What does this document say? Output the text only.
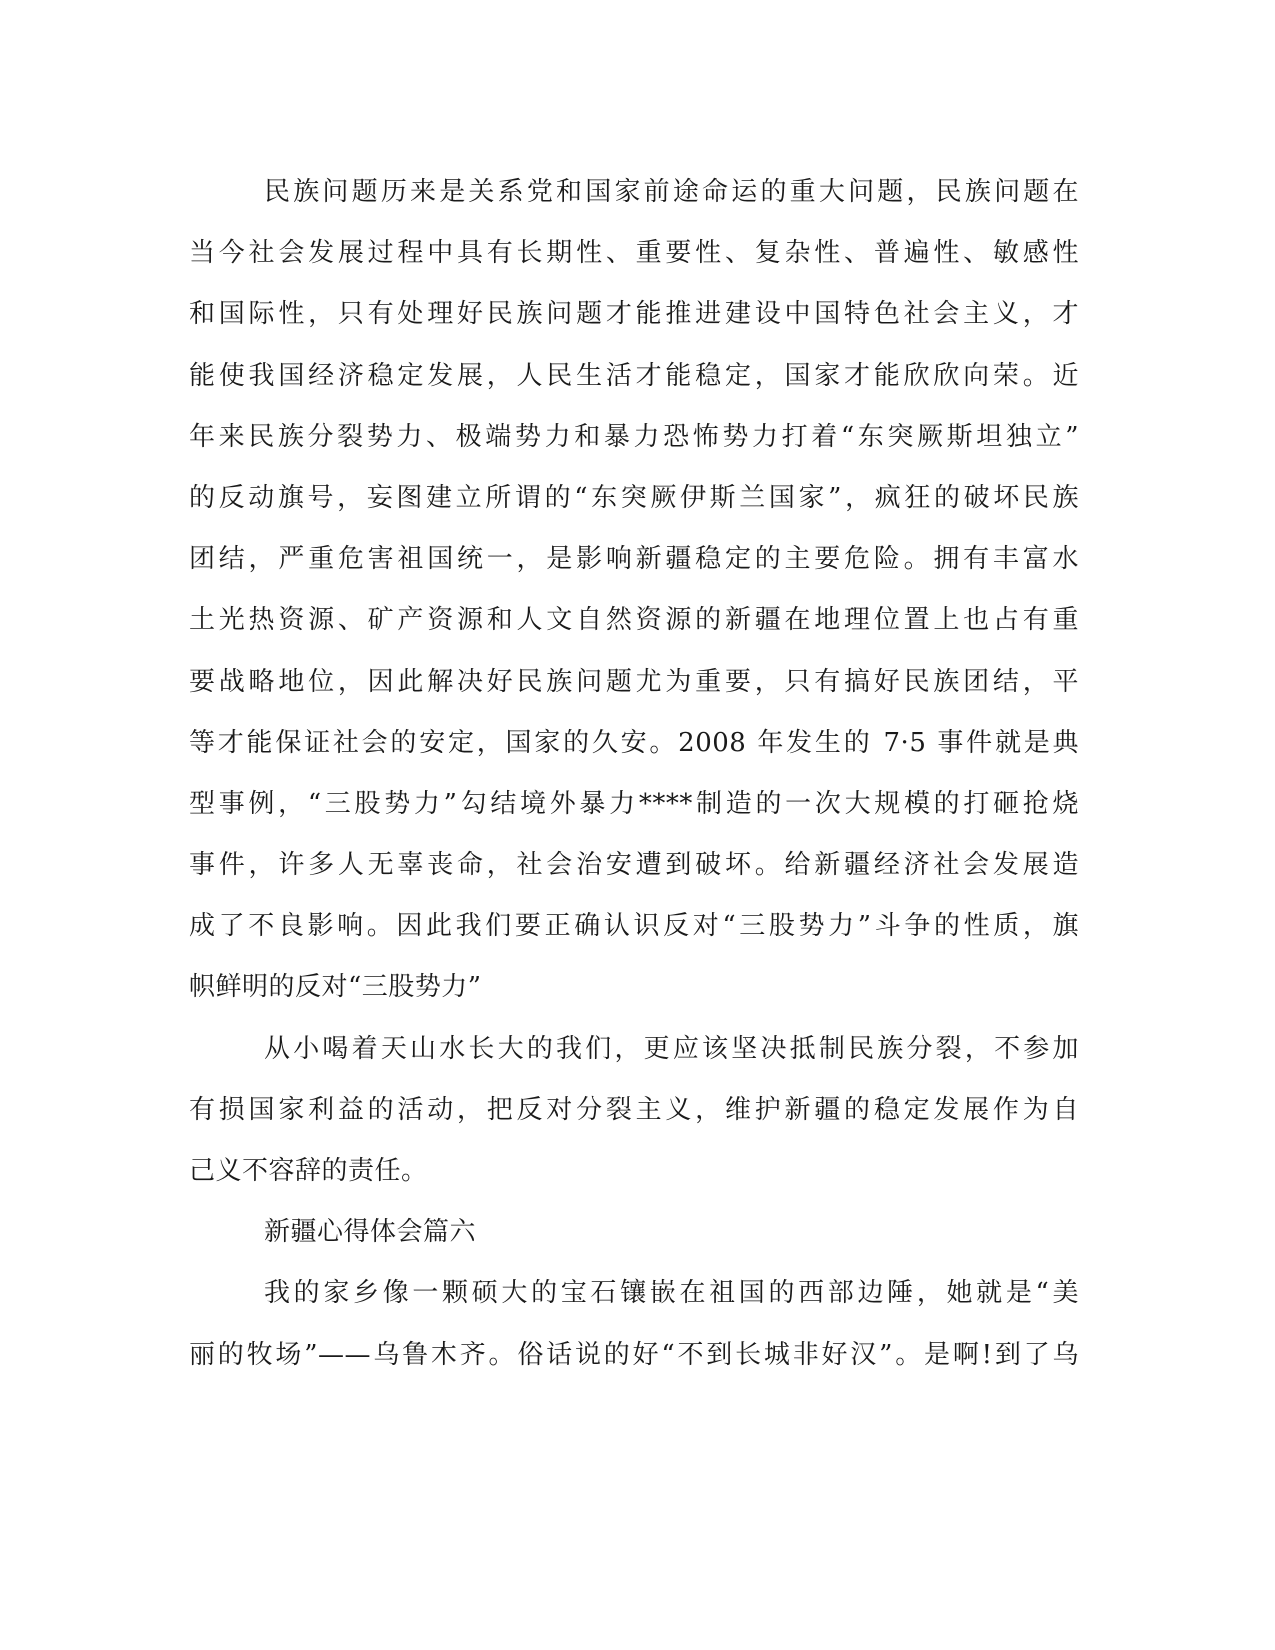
民族问题历来是关系党和国家前途命运的重大问题，民族问题在
当今社会发展过程中具有长期性、重要性、复杂性、普遍性、敏感性
和国际性，只有处理好民族问题才能推进建设中国特色社会主义，才
能使我国经济稳定发展，人民生活才能稳定，国家才能欣欣向荣。近
年来民族分裂势力、极端势力和暴力恐怖势力打着“东突厥斯坦独立”
的反动旗号，妄图建立所谓的“东突厥伊斯兰国家”，疯狂的破坏民族
团结，严重危害祖国统一，是影响新疆稳定的主要危险。拥有丰富水
土光热资源、矿产资源和人文自然资源的新疆在地理位置上也占有重
要战略地位，因此解决好民族问题尤为重要，只有搞好民族团结，平
等才能保证社会的安定，国家的久安。2008 年发生的 7·5 事件就是典
型事例，“三股势力”勾结境外暴力****制造的一次大规模的打砸抢烧
事件，许多人无辜丧命，社会治安遭到破坏。给新疆经济社会发展造
成了不良影响。因此我们要正确认识反对“三股势力”斗争的性质，旗
帜鲜明的反对“三股势力”
从小喝着天山水长大的我们，更应该坚决抵制民族分裂，不参加
有损国家利益的活动，把反对分裂主义，维护新疆的稳定发展作为自
己义不容辞的责任。
新疆心得体会篇六
我的家乡像一颗硕大的宝石镶嵌在祖国的西部边陲，她就是“美
丽的牧场”——乌鲁木齐。俗话说的好“不到长城非好汉”。是啊!到了乌
